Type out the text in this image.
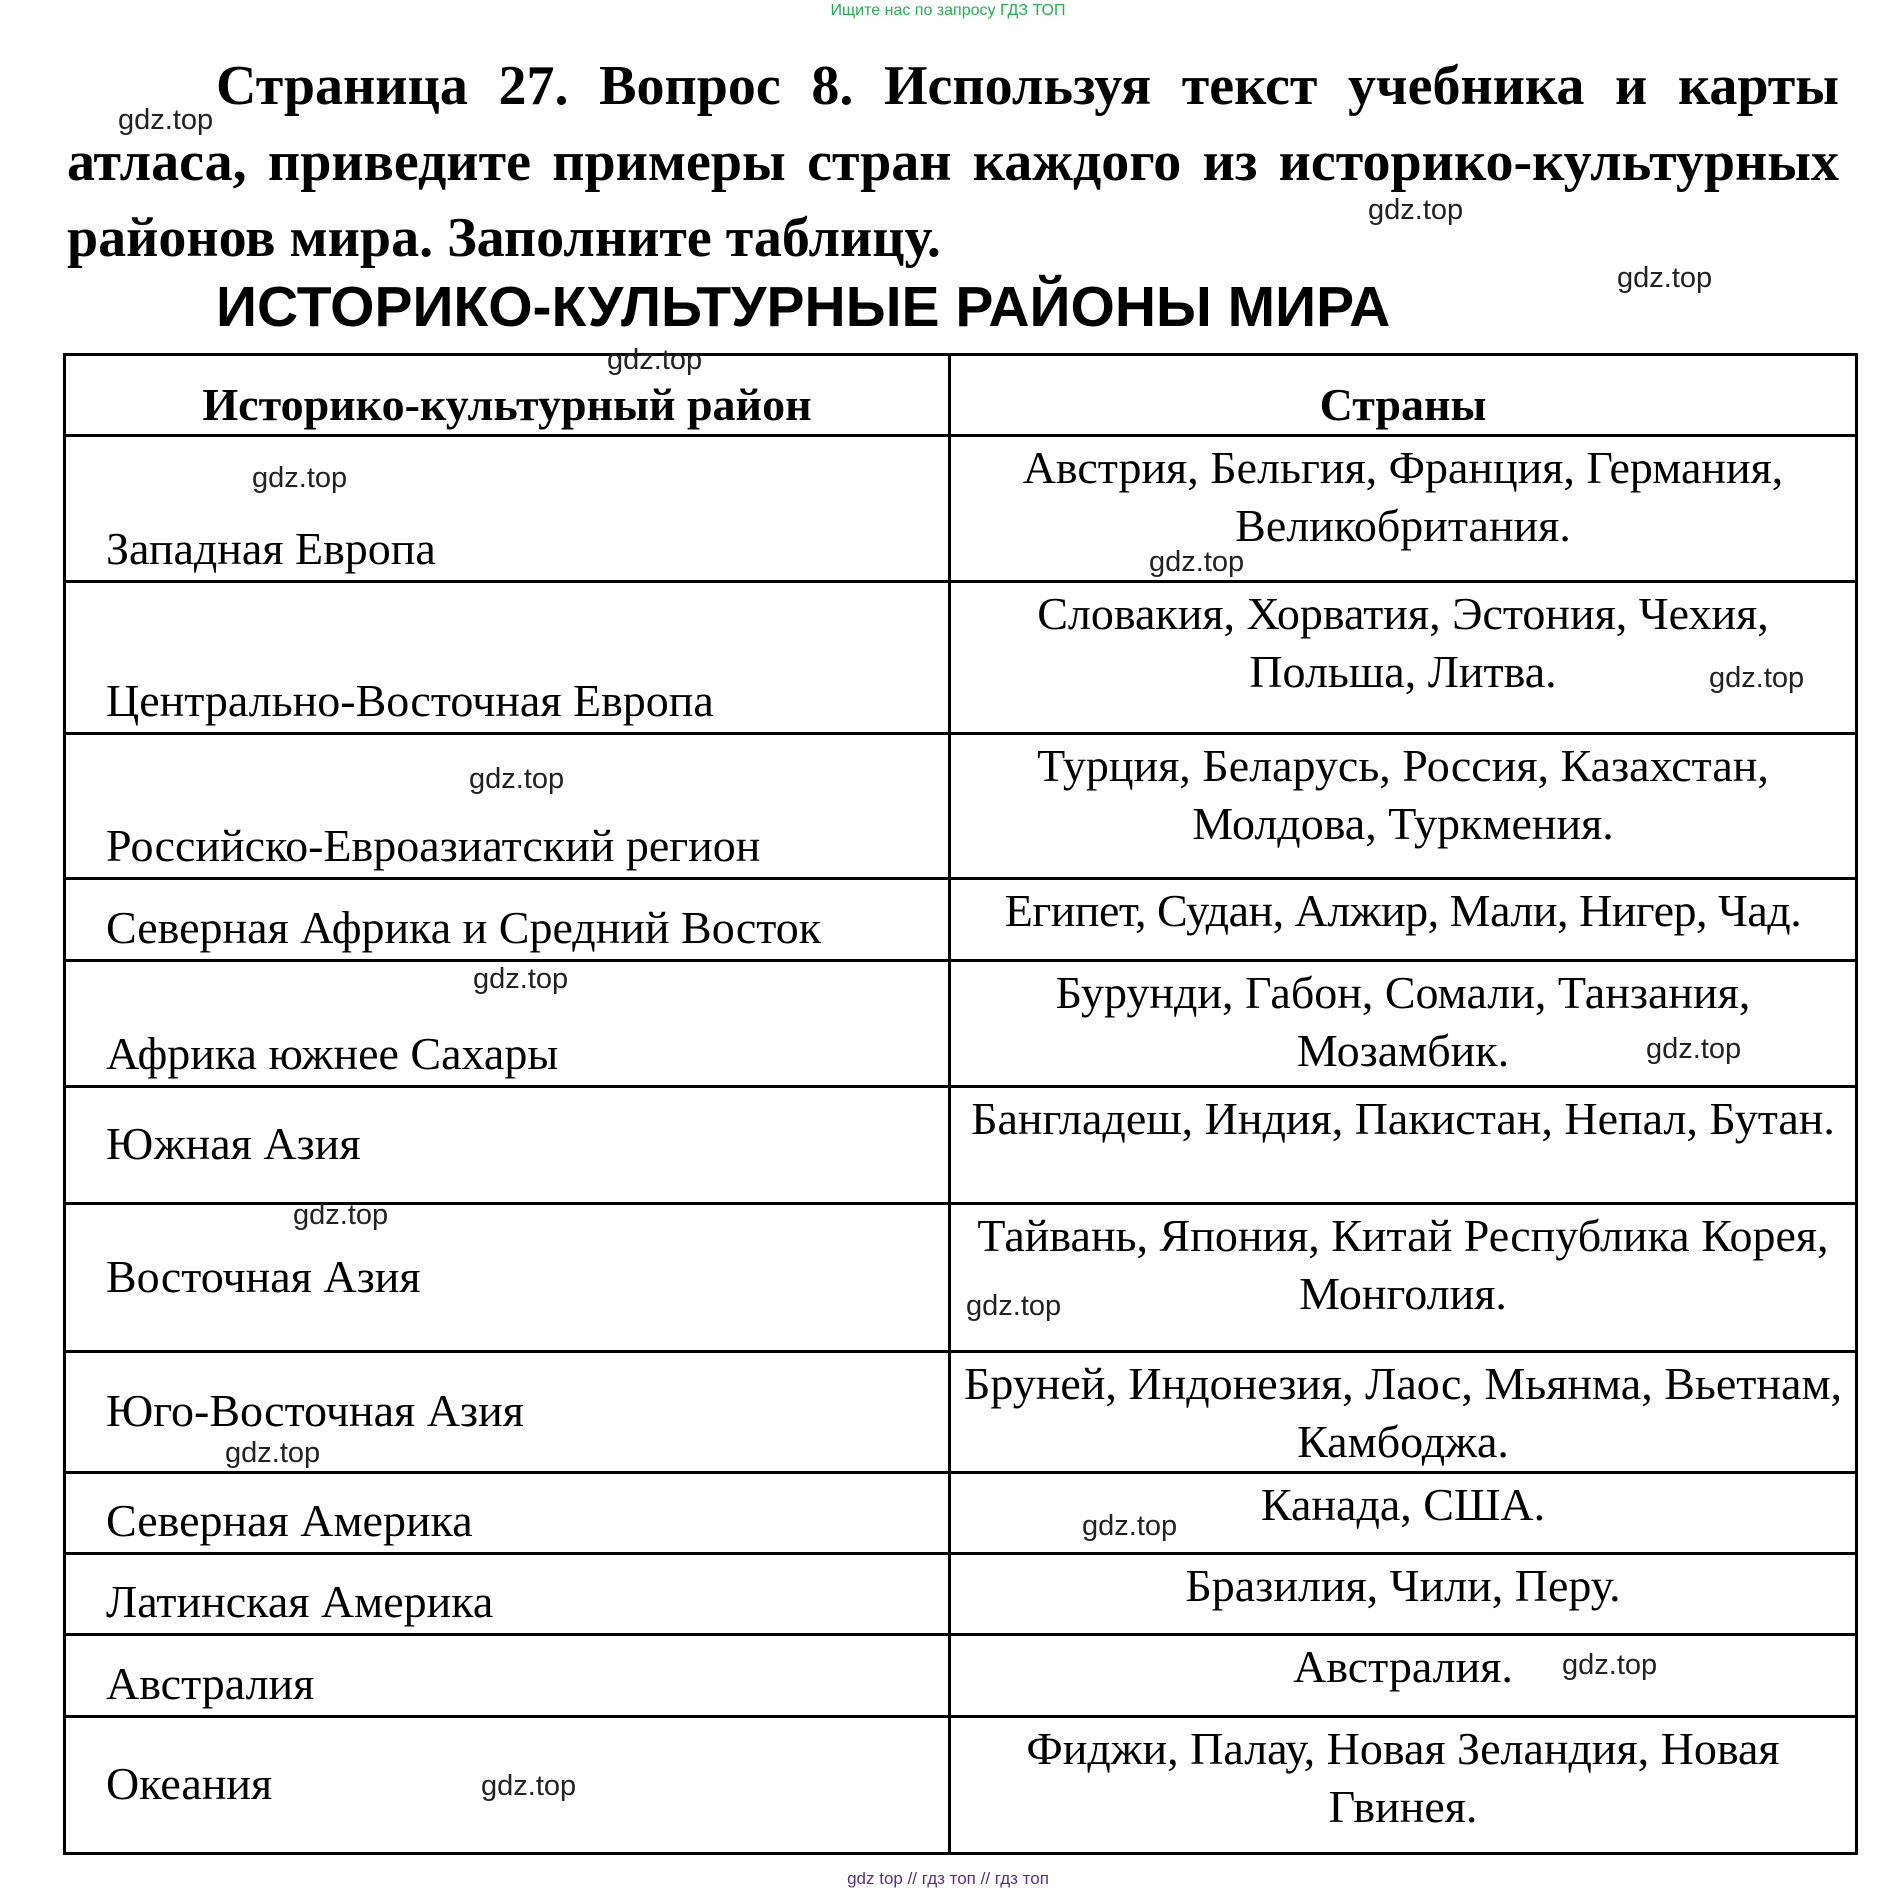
Ищите нас по запросу ГДЗ ТОП
Страница 27. Вопрос 8. Используя текст учебника и карты атласа, приведите примеры стран каждого из историко-культурных районов мира. Заполните таблицу.
ИСТОРИКО-КУЛЬТУРНЫЕ РАЙОНЫ МИРА
Историко-культурный район	Страны
Западная Европа	Австрия, Бельгия, Франция, Германия, Великобритания.
Центрально-Восточная Европа	Словакия, Хорватия, Эстония, Чехия, Польша, Литва.
Российско-Евроазиатский регион	Турция, Беларусь, Россия, Казахстан, Молдова, Туркмения.
Северная Африка и Средний Восток	Египет, Судан, Алжир, Мали, Нигер, Чад.
Африка южнее Сахары	Бурунди, Габон, Сомали, Танзания, Мозамбик.
Южная Азия	Бангладеш, Индия, Пакистан, Непал, Бутан.
Восточная Азия	Тайвань, Япония, Китай Республика Корея, Монголия.
Юго-Восточная Азия	Бруней, Индонезия, Лаос, Мьянма, Вьетнам, Камбоджа.
Северная Америка	Канада, США.
Латинская Америка	Бразилия, Чили, Перу.
Австралия	Австралия.
Океания	Фиджи, Палау, Новая Зеландия, Новая Гвинея.
gdz.top
gdz.top
gdz.top
gdz.top
gdz.top
gdz.top
gdz.top
gdz.top
gdz.top
gdz.top
gdz.top
gdz.top
gdz.top
gdz.top
gdz.top
gdz.top
gdz top // гдз топ // гдз топ
